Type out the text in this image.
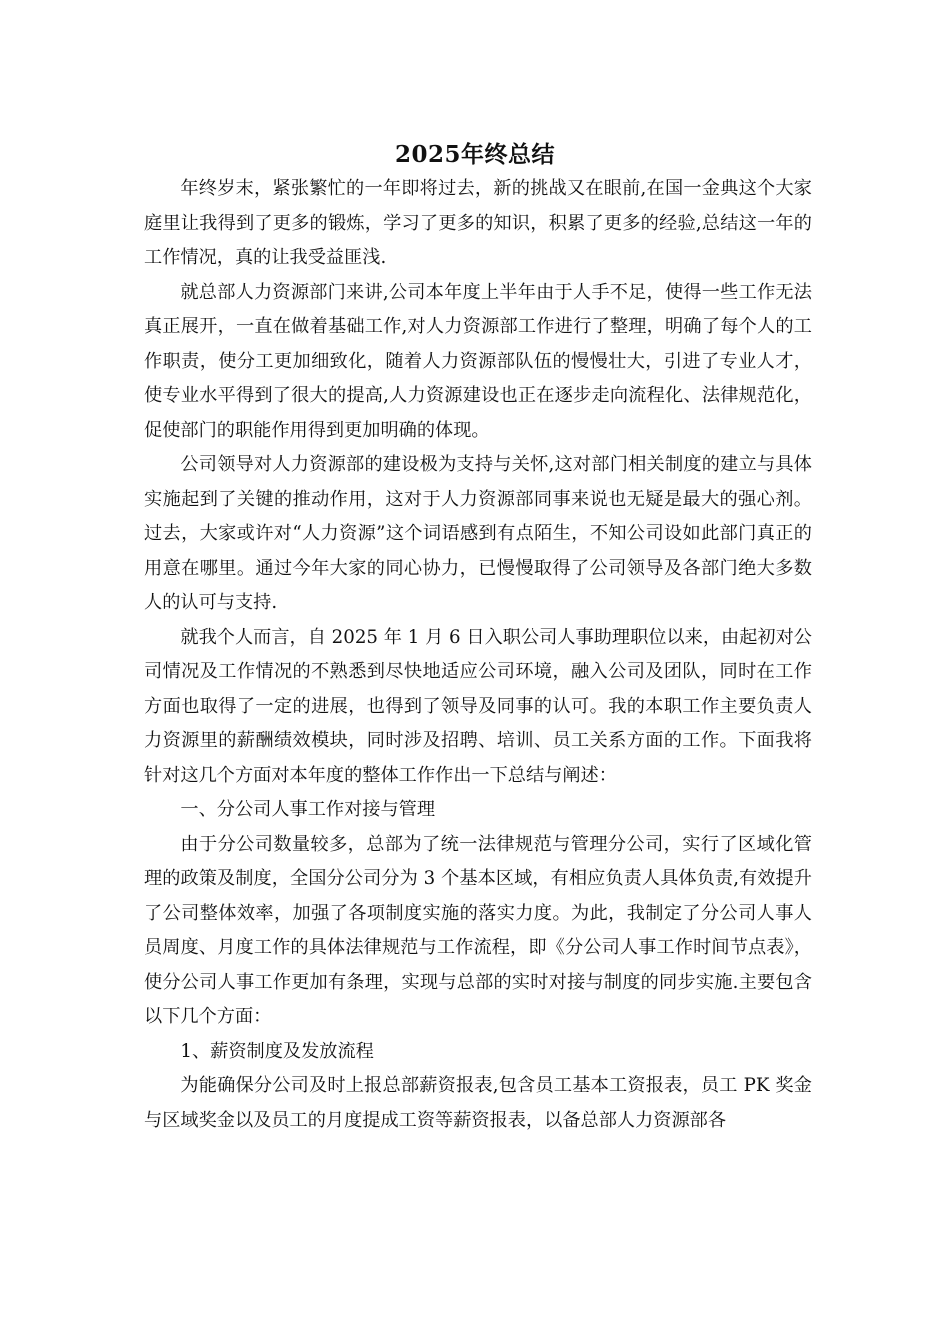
2025年终总结

年终岁末，紧张繁忙的一年即将过去，新的挑战又在眼前,在国一金典这个大家庭里让我得到了更多的锻炼，学习了更多的知识，积累了更多的经验,总结这一年的工作情况，真的让我受益匪浅.

就总部人力资源部门来讲,公司本年度上半年由于人手不足，使得一些工作无法真正展开，一直在做着基础工作,对人力资源部工作进行了整理，明确了每个人的工作职责，使分工更加细致化，随着人力资源部队伍的慢慢壮大，引进了专业人才，使专业水平得到了很大的提高,人力资源建设也正在逐步走向流程化、法律规范化，促使部门的职能作用得到更加明确的体现。

公司领导对人力资源部的建设极为支持与关怀,这对部门相关制度的建立与具体实施起到了关键的推动作用，这对于人力资源部同事来说也无疑是最大的强心剂。过去，大家或许对“人力资源”这个词语感到有点陌生，不知公司设如此部门真正的用意在哪里。通过今年大家的同心协力，已慢慢取得了公司领导及各部门绝大多数人的认可与支持.

就我个人而言，自 2025 年 1 月 6 日入职公司人事助理职位以来，由起初对公司情况及工作情况的不熟悉到尽快地适应公司环境，融入公司及团队，同时在工作方面也取得了一定的进展，也得到了领导及同事的认可。我的本职工作主要负责人力资源里的薪酬绩效模块，同时涉及招聘、培训、员工关系方面的工作。下面我将针对这几个方面对本年度的整体工作作出一下总结与阐述：

一、分公司人事工作对接与管理

由于分公司数量较多，总部为了统一法律规范与管理分公司，实行了区域化管理的政策及制度，全国分公司分为 3 个基本区域，有相应负责人具体负责,有效提升了公司整体效率，加强了各项制度实施的落实力度。为此，我制定了分公司人事人员周度、月度工作的具体法律规范与工作流程，即《分公司人事工作时间节点表》，使分公司人事工作更加有条理，实现与总部的实时对接与制度的同步实施.主要包含以下几个方面：

1、薪资制度及发放流程

为能确保分公司及时上报总部薪资报表,包含员工基本工资报表，员工 PK 奖金与区域奖金以及员工的月度提成工资等薪资报表，以备总部人力资源部各
